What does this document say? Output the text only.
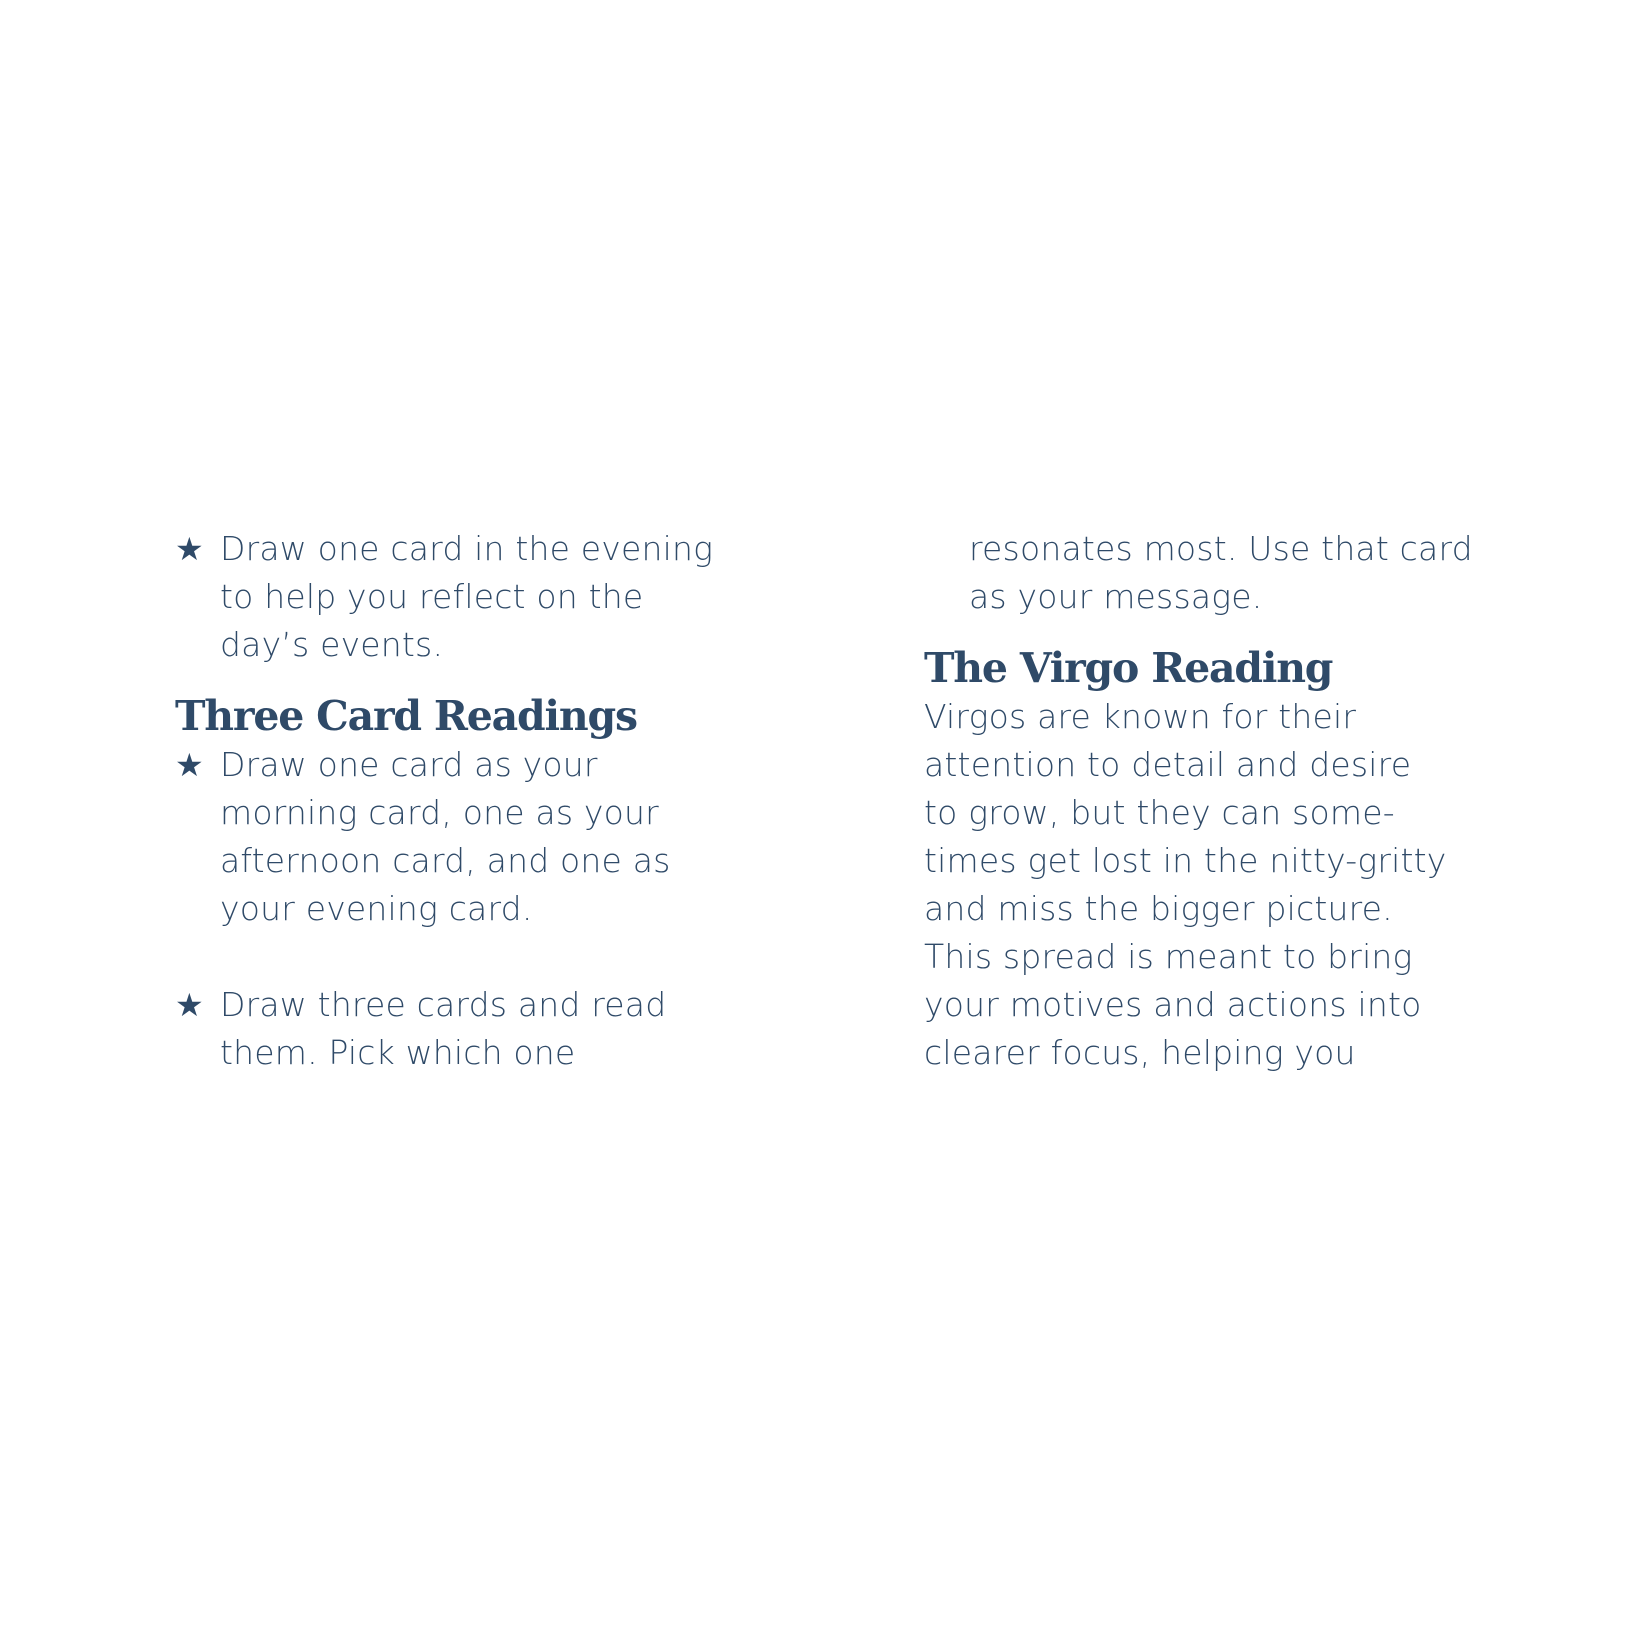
★ Draw one card in the evening
to help you reflect on the
day’s events.
Three Card Readings
★ Draw one card as your
morning card, one as your
afternoon card, and one as
your evening card.
★ Draw three cards and read
them. Pick which one
resonates most. Use that card
as your message.
The Virgo Reading
Virgos are known for their
attention to detail and desire
to grow, but they can some-
times get lost in the nitty-gritty
and miss the bigger picture.
This spread is meant to bring
your motives and actions into
clearer focus, helping you
